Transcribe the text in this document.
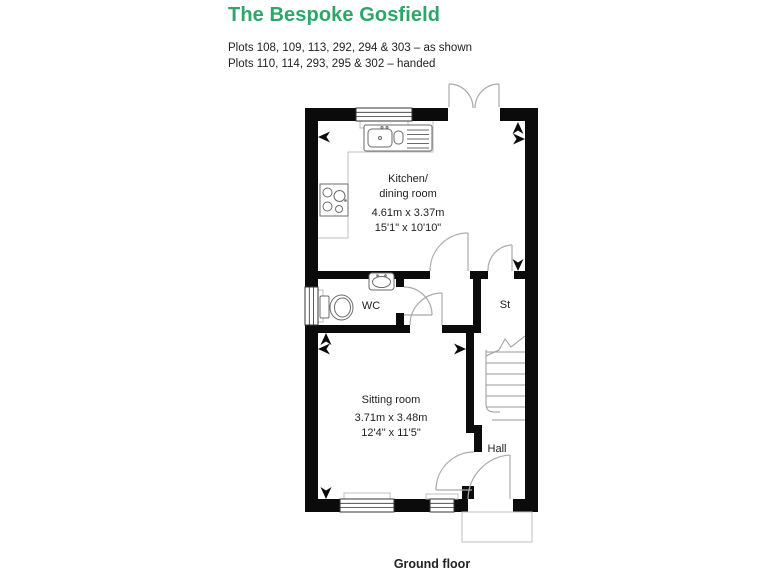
The Bespoke Gosfield

Plots 108, 109, 113, 292, 294 & 303 – as shown

Plots 110, 114, 293, 295 & 302 – handed

Kitchen/
dining room
4.61m x 3.37m
15'1" x 10'10"
WC	St
Sitting room
3.71m x 3.48m
12'4" x 11'5"
Hall
Ground floor
